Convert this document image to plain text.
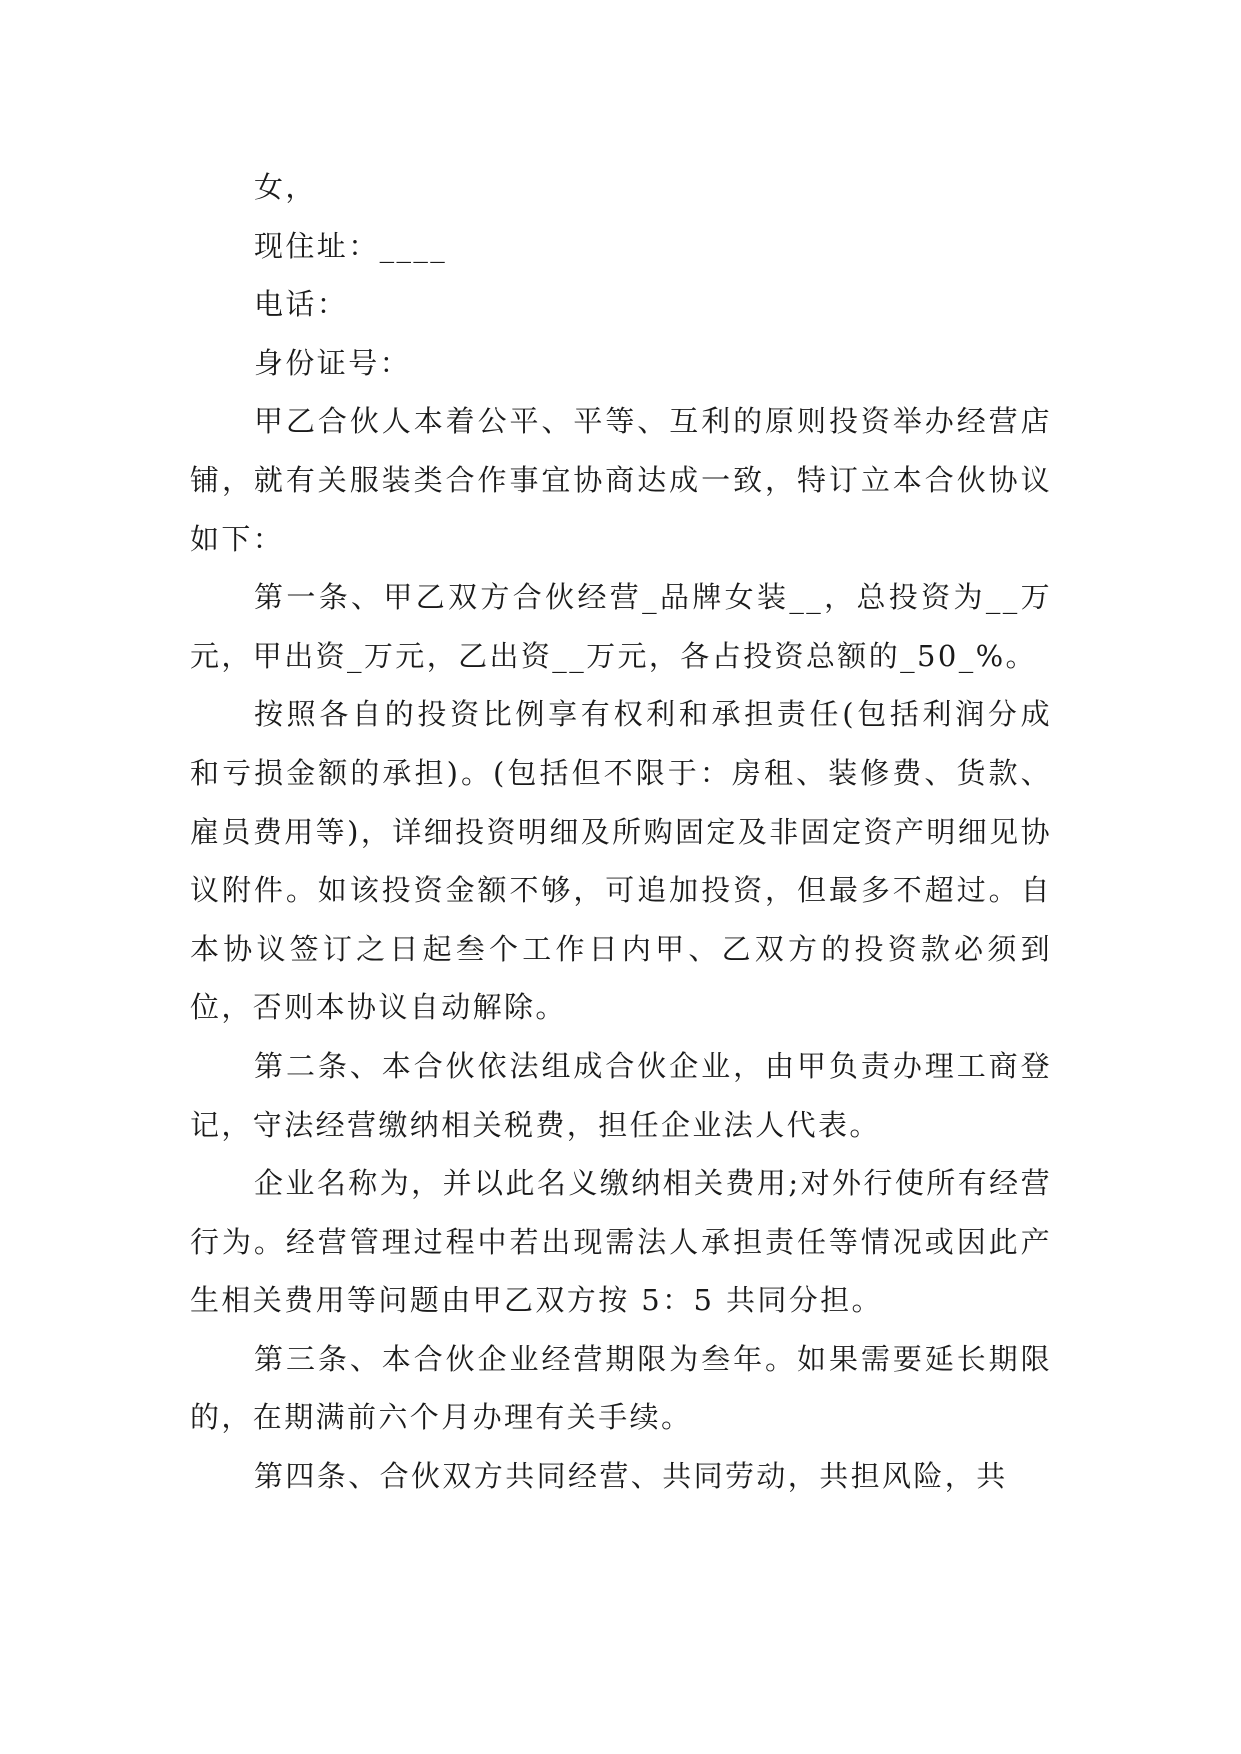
女，

现住址：____

电话：

身份证号：

甲乙合伙人本着公平、平等、互利的原则投资举办经营店铺，就有关服装类合作事宜协商达成一致，特订立本合伙协议如下：

第一条、甲乙双方合伙经营_品牌女装__，总投资为__万元，甲出资_万元，乙出资__万元，各占投资总额的_50_%。

按照各自的投资比例享有权利和承担责任(包括利润分成和亏损金额的承担)。(包括但不限于：房租、装修费、货款、雇员费用等)，详细投资明细及所购固定及非固定资产明细见协议附件。如该投资金额不够，可追加投资，但最多不超过。自本协议签订之日起叁个工作日内甲、乙双方的投资款必须到位，否则本协议自动解除。

第二条、本合伙依法组成合伙企业，由甲负责办理工商登记，守法经营缴纳相关税费，担任企业法人代表。

企业名称为，并以此名义缴纳相关费用;对外行使所有经营行为。经营管理过程中若出现需法人承担责任等情况或因此产生相关费用等问题由甲乙双方按 5：5 共同分担。

第三条、本合伙企业经营期限为叁年。如果需要延长期限的，在期满前六个月办理有关手续。

第四条、合伙双方共同经营、共同劳动，共担风险，共
